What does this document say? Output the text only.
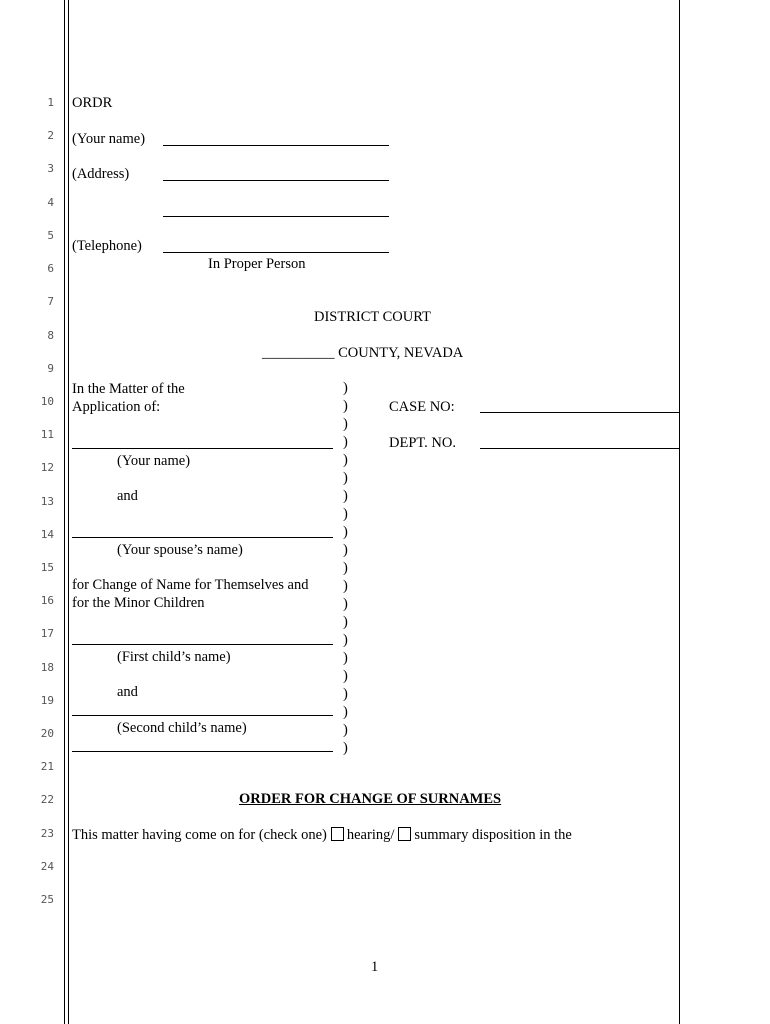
1
2
3
4
5
6
7
8
9
10
11
12
13
14
15
16
17
18
19
20
21
22
23
24
25
ORDR
(Your name)
(Address)
(Telephone)
In Proper Person
DISTRICT COURT
__________ COUNTY, NEVADA
In the Matter of the
Application of:
(Your name)
and
(Your spouse’s name)
for Change of Name for Themselves and
for the Minor Children
(First child’s name)
and
(Second child’s name)
)
)
)
)
)
)
)
)
)
)
)
)
)
)
)
)
)
)
)
)
)
CASE NO:
DEPT. NO.
ORDER FOR CHANGE OF SURNAMES
This matter having come on for (check one) hearing/ summary disposition in the
1
